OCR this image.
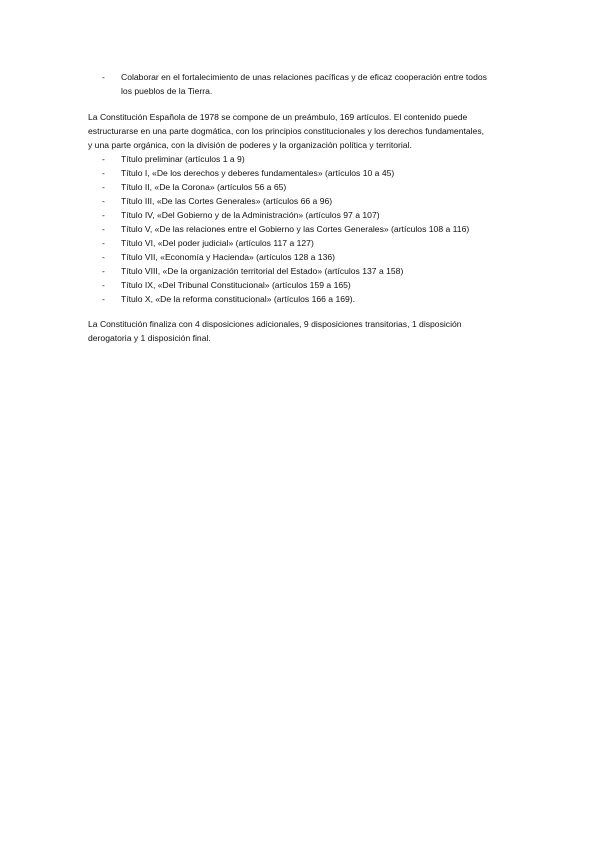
- Colaborar en el fortalecimiento de unas relaciones pacíficas y de eficaz cooperación entre todos
los pueblos de la Tierra.
La Constitución Española de 1978 se compone de un preámbulo, 169 artículos. El contenido puede
estructurarse en una parte dogmática, con los principios constitucionales y los derechos fundamentales,
y una parte orgánica, con la división de poderes y la organización política y territorial.
- Título preliminar (artículos 1 a 9)
- Título I, «De los derechos y deberes fundamentales» (artículos 10 a 45)
- Título II, «De la Corona» (artículos 56 a 65)
- Título III, «De las Cortes Generales» (artículos 66 a 96)
- Título IV, «Del Gobierno y de la Administración» (artículos 97 a 107)
- Título V, «De las relaciones entre el Gobierno y las Cortes Generales» (artículos 108 a 116)
- Título VI, «Del poder judicial» (artículos 117 a 127)
- Título VII, «Economía y Hacienda» (artículos 128 a 136)
- Título VIII, «De la organización territorial del Estado» (artículos 137 a 158)
- Título IX, «Del Tribunal Constitucional» (artículos 159 a 165)
- Título X, «De la reforma constitucional» (artículos 166 a 169).
La Constitución finaliza con 4 disposiciones adicionales, 9 disposiciones transitorias, 1 disposición
derogatoria y 1 disposición final.
